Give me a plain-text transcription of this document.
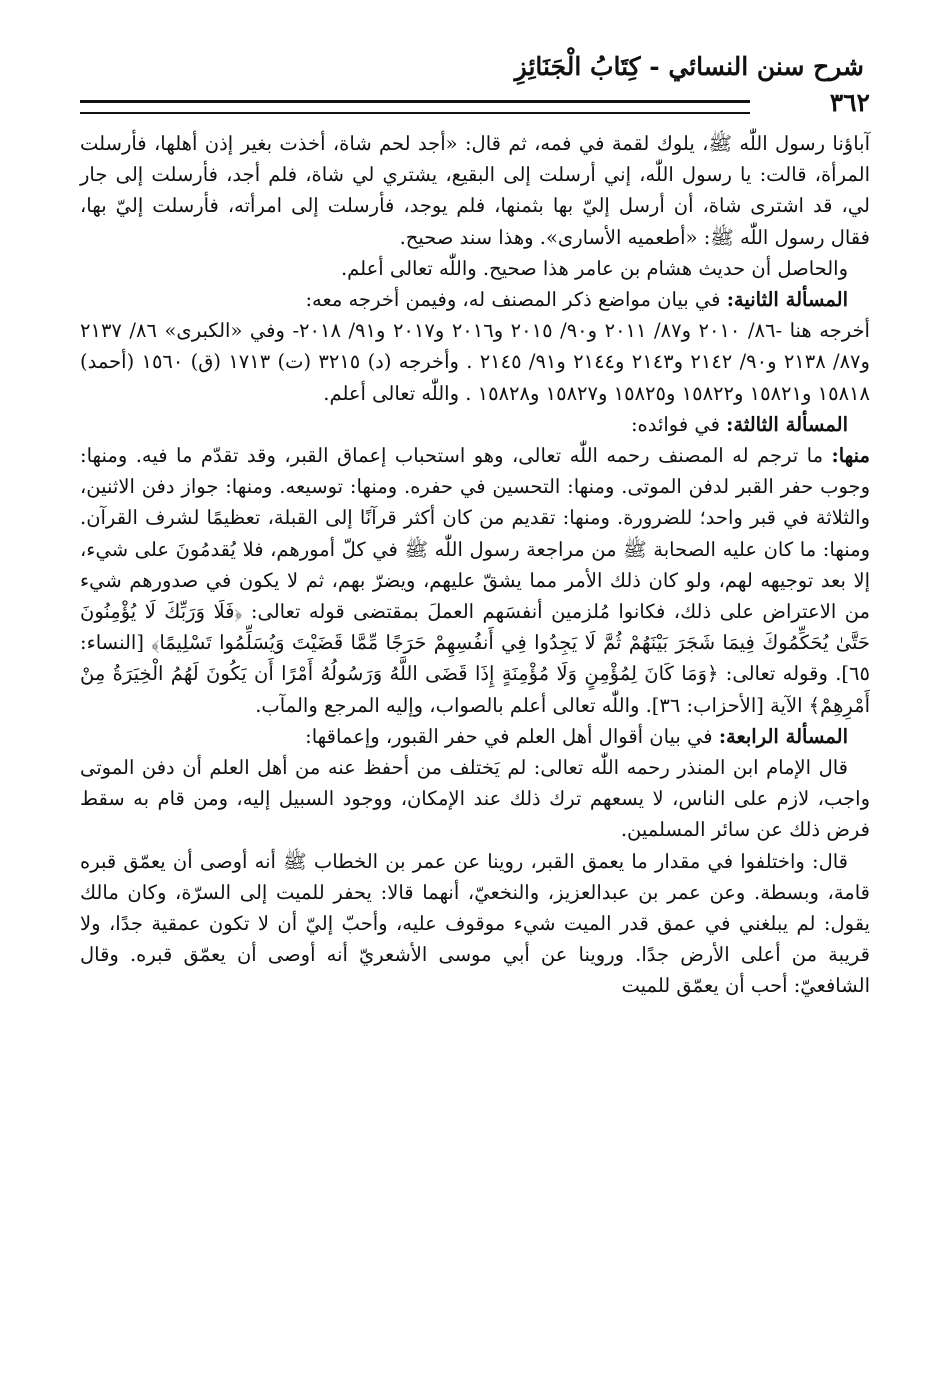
شرح سنن النسائي - كِتَابُ الْجَنَائِزِ
٣٦٢

آباؤنا رسول اللّٰه ﷺ، يلوك لقمة في فمه، ثم قال: «أجد لحم شاة، أخذت بغير إذن أهلها، فأرسلت المرأة، قالت: يا رسول اللّٰه، إني أرسلت إلى البقيع، يشتري لي شاة، فلم أجد، فأرسلت إلى جار لي، قد اشترى شاة، أن أرسل إليّ بها بثمنها، فلم يوجد، فأرسلت إلى امرأته، فأرسلت إليّ بها، فقال رسول اللّٰه ﷺ: «أطعميه الأسارى». وهذا سند صحيح.

والحاصل أن حديث هشام بن عامر هذا صحيح. واللّٰه تعالى أعلم.

المسألة الثانية: في بيان مواضع ذكر المصنف له، وفيمن أخرجه معه:

أخرجه هنا -٨٦/ ٢٠١٠ و٨٧/ ٢٠١١ و٩٠/ ٢٠١٥ و٢٠١٦ و٢٠١٧ و٩١/ ٢٠١٨- وفي «الكبرى» ٨٦/ ٢١٣٧ و٨٧/ ٢١٣٨ و٩٠/ ٢١٤٢ و٢١٤٣ و٢١٤٤ و٩١/ ٢١٤٥ . وأخرجه (د) ٣٢١٥ (ت) ١٧١٣ (ق) ١٥٦٠ (أحمد) ١٥٨١٨ و١٥٨٢١ و١٥٨٢٢ و١٥٨٢٥ و١٥٨٢٧ و١٥٨٢٨ . واللّٰه تعالى أعلم.

المسألة الثالثة: في فوائده:

منها: ما ترجم له المصنف رحمه اللّٰه تعالى، وهو استحباب إعماق القبر، وقد تقدّم ما فيه. ومنها: وجوب حفر القبر لدفن الموتى. ومنها: التحسين في حفره. ومنها: توسيعه. ومنها: جواز دفن الاثنين، والثلاثة في قبر واحد؛ للضرورة. ومنها: تقديم من كان أكثر قرآنًا إلى القبلة، تعظيمًا لشرف القرآن. ومنها: ما كان عليه الصحابة ﷺ من مراجعة رسول اللّٰه ﷺ في كلّ أمورهم، فلا يُقدمُونَ على شيء، إلا بعد توجيهه لهم، ولو كان ذلك الأمر مما يشقّ عليهم، ويضرّ بهم، ثم لا يكون في صدورهم شيء من الاعتراض على ذلك، فكانوا مُلزمين أنفسَهم العملَ بمقتضى قوله تعالى: ﴿فَلَا وَرَبِّكَ لَا يُؤْمِنُونَ حَتَّىٰ يُحَكِّمُوكَ فِيمَا شَجَرَ بَيْنَهُمْ ثُمَّ لَا يَجِدُوا فِي أَنفُسِهِمْ حَرَجًا مِّمَّا قَضَيْتَ وَيُسَلِّمُوا تَسْلِيمًا﴾ [النساء: ٦٥]. وقوله تعالى: ﴿وَمَا كَانَ لِمُؤْمِنٍ وَلَا مُؤْمِنَةٍ إِذَا قَضَى اللَّهُ وَرَسُولُهُ أَمْرًا أَن يَكُونَ لَهُمُ الْخِيَرَةُ مِنْ أَمْرِهِمْ﴾ الآية [الأحزاب: ٣٦]. واللّٰه تعالى أعلم بالصواب، وإليه المرجع والمآب.

المسألة الرابعة: في بيان أقوال أهل العلم في حفر القبور، وإعماقها:

قال الإمام ابن المنذر رحمه اللّٰه تعالى: لم يَختلف من أحفظ عنه من أهل العلم أن دفن الموتى واجب، لازم على الناس، لا يسعهم ترك ذلك عند الإمكان، ووجود السبيل إليه، ومن قام به سقط فرض ذلك عن سائر المسلمين.

قال: واختلفوا في مقدار ما يعمق القبر، روينا عن عمر بن الخطاب ﷺ أنه أوصى أن يعمّق قبره قامة، وبسطة. وعن عمر بن عبدالعزيز، والنخعيّ، أنهما قالا: يحفر للميت إلى السرّة، وكان مالك يقول: لم يبلغني في عمق قدر الميت شيء موقوف عليه، وأحبّ إليّ أن لا تكون عمقية جدًا، ولا قريبة من أعلى الأرض جدًا. وروينا عن أبي موسى الأشعريّ أنه أوصى أن يعمّق قبره. وقال الشافعيّ: أحب أن يعمّق للميت
